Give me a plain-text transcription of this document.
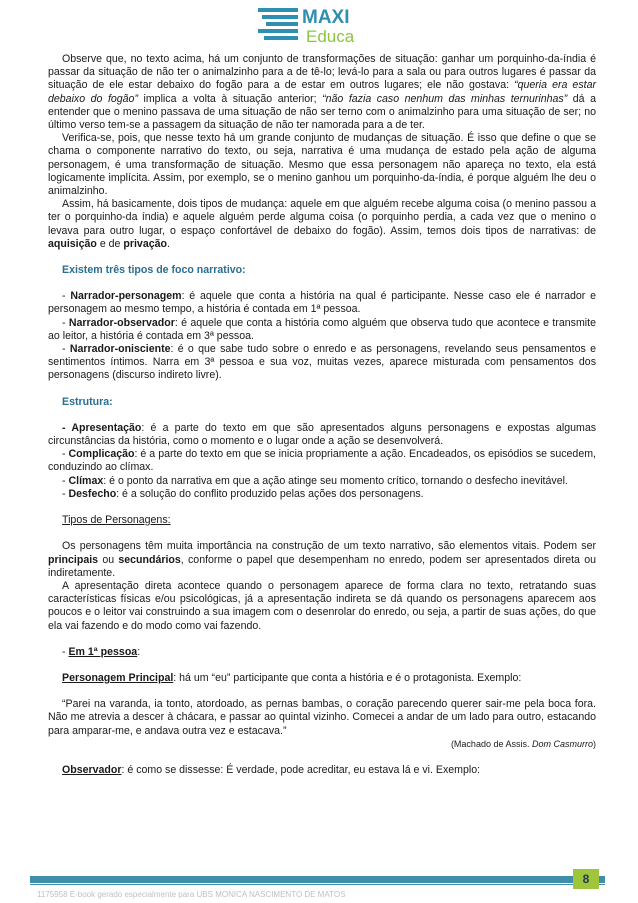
MAXI
Educa

Observe que, no texto acima, há um conjunto de transformações de situação: ganhar um porquinho-da-índia é passar da situação de não ter o animalzinho para a de tê-lo; levá-lo para a sala ou para outros lugares é passar da situação de ele estar debaixo do fogão para a de estar em outros lugares; ele não gostava: “queria era estar debaixo do fogão” implica a volta à situação anterior; “não fazia caso nenhum das minhas ternurinhas” dá a entender que o menino passava de uma situação de não ser terno com o animalzinho para uma situação de ser; no último verso tem-se a passagem da situação de não ter namorada para a de ter.

Verifica-se, pois, que nesse texto há um grande conjunto de mudanças de situação. É isso que define o que se chama o componente narrativo do texto, ou seja, narrativa é uma mudança de estado pela ação de alguma personagem, é uma transformação de situação. Mesmo que essa personagem não apareça no texto, ela está logicamente implícita. Assim, por exemplo, se o menino ganhou um porquinho-da-índia, é porque alguém lhe deu o animalzinho.

Assim, há basicamente, dois tipos de mudança: aquele em que alguém recebe alguma coisa (o menino passou a ter o porquinho-da índia) e aquele alguém perde alguma coisa (o porquinho perdia, a cada vez que o menino o levava para outro lugar, o espaço confortável de debaixo do fogão). Assim, temos dois tipos de narrativas: de aquisição e de privação.

Existem três tipos de foco narrativo:

- Narrador-personagem: é aquele que conta a história na qual é participante. Nesse caso ele é narrador e personagem ao mesmo tempo, a história é contada em 1ª pessoa.

- Narrador-observador: é aquele que conta a história como alguém que observa tudo que acontece e transmite ao leitor, a história é contada em 3ª pessoa.

- Narrador-onisciente: é o que sabe tudo sobre o enredo e as personagens, revelando seus pensamentos e sentimentos íntimos. Narra em 3ª pessoa e sua voz, muitas vezes, aparece misturada com pensamentos dos personagens (discurso indireto livre).

Estrutura:

- Apresentação: é a parte do texto em que são apresentados alguns personagens e expostas algumas circunstâncias da história, como o momento e o lugar onde a ação se desenvolverá.

- Complicação: é a parte do texto em que se inicia propriamente a ação. Encadeados, os episódios se sucedem, conduzindo ao clímax.

- Clímax: é o ponto da narrativa em que a ação atinge seu momento crítico, tornando o desfecho inevitável.

- Desfecho: é a solução do conflito produzido pelas ações dos personagens.

Tipos de Personagens:

Os personagens têm muita importância na construção de um texto narrativo, são elementos vitais. Podem ser principais ou secundários, conforme o papel que desempenham no enredo, podem ser apresentados direta ou indiretamente.

A apresentação direta acontece quando o personagem aparece de forma clara no texto, retratando suas características físicas e/ou psicológicas, já a apresentação indireta se dá quando os personagens aparecem aos poucos e o leitor vai construindo a sua imagem com o desenrolar do enredo, ou seja, a partir de suas ações, do que ela vai fazendo e do modo como vai fazendo.

- Em 1ª pessoa:

Personagem Principal: há um “eu” participante que conta a história e é o protagonista. Exemplo:

“Parei na varanda, ia tonto, atordoado, as pernas bambas, o coração parecendo querer sair-me pela boca fora. Não me atrevia a descer à chácara, e passar ao quintal vizinho. Comecei a andar de um lado para outro, estacando para amparar-me, e andava outra vez e estacava.”

(Machado de Assis. Dom Casmurro)

Observador: é como se dissesse: É verdade, pode acreditar, eu estava lá e vi. Exemplo:

8
1175958 E-book gerado especialmente para UBS MONICA NASCIMENTO DE MATOS
